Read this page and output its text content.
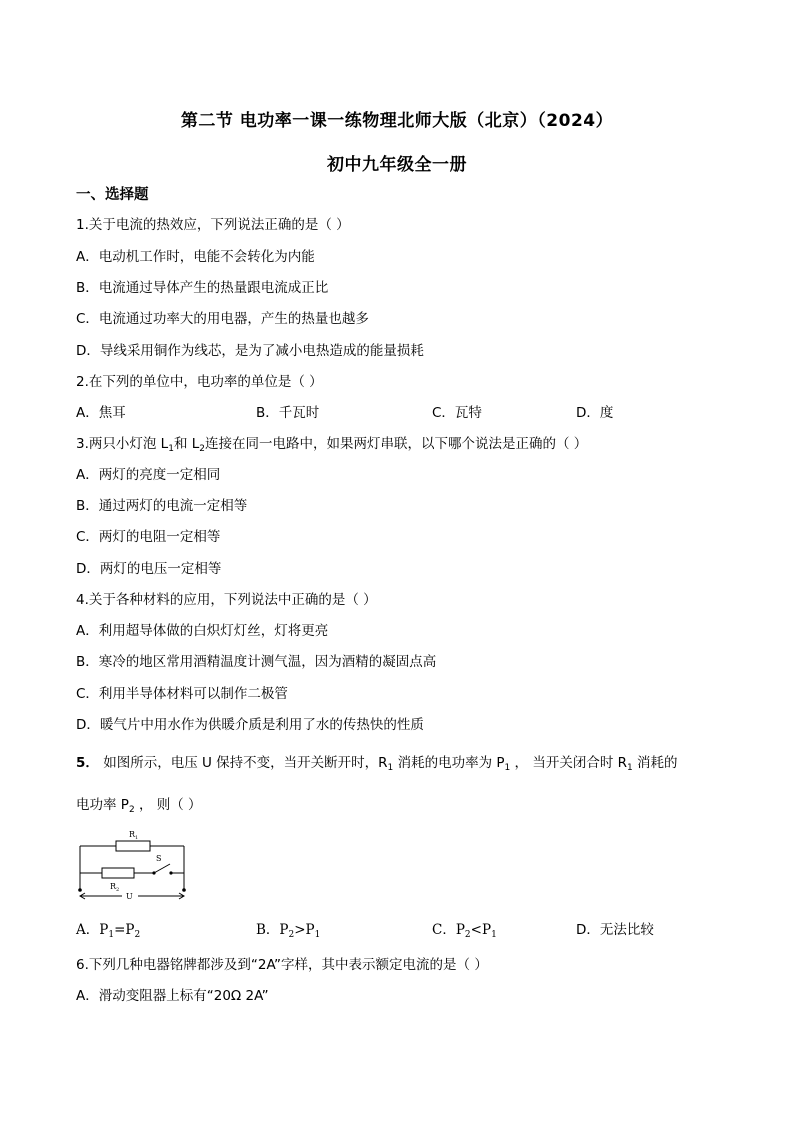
第二节 电功率一课一练物理北师大版（北京）（2024）
初中九年级全一册
一、选择题
1.关于电流的热效应，下列说法正确的是（ ）
A．电动机工作时，电能不会转化为内能
B．电流通过导体产生的热量跟电流成正比
C．电流通过功率大的用电器，产生的热量也越多
D．导线采用铜作为线芯，是为了减小电热造成的能量损耗
2.在下列的单位中，电功率的单位是（ ）
A．焦耳	B．千瓦时	C．瓦特	D．度
3.两只小灯泡 $L_1$和 $L_2$连接在同一电路中，如果两灯串联，以下哪个说法是正确的（ ）
A．两灯的亮度一定相同
B．通过两灯的电流一定相等
C．两灯的电阻一定相等
D．两灯的电压一定相等
4.关于各种材料的应用，下列说法中正确的是（ ）
A．利用超导体做的白炽灯灯丝，灯将更亮
B．寒冷的地区常用酒精温度计测气温，因为酒精的凝固点高
C．利用半导体材料可以制作二极管
D．暖气片中用水作为供暖介质是利用了水的传热快的性质
5． 如图所示，电压 U 保持不变，当开关断开时，$R_1$ 消耗的电功率为 $P_1$ ， 当开关闭合时 $R_1$ 消耗的
电功率 $P_2$ ， 则（ ）
$R_1$
$R_2$
S
U
A．$P_1=P_2$	B．$P_2>P_1$	C．$P_2<P_1$	D．无法比较
6.下列几种电器铭牌都涉及到“2A”字样，其中表示额定电流的是（ ）
A．滑动变阻器上标有“20Ω 2A”
